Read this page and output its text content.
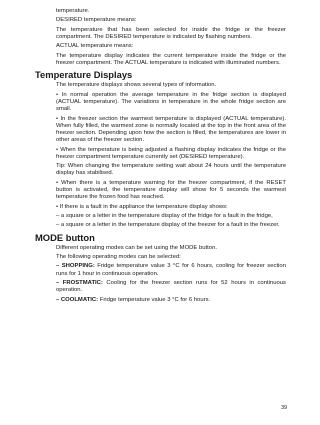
temperature.

DESIRED temperature means:

The temperature that has been selected for inside the fridge or the freezer compartment. The DESIRED temperature is indicated by flashing numbers.

ACTUAL temperature means:

The temperature display indicates the current temperature inside the fridge or the freezer compartment. The ACTUAL temperature is indicated with illuminated numbers.

Temperature Displays

The temperature displays shows several types of information.

• In normal operation the average temperature in the fridge section is displayed (ACTUAL temperature). The variations in temperature in the whole fridge section are small.

• In the freezer section the warmest temperature is displayed (ACTUAL temperature). When fully filled, the warmest zone is normally located at the top in the front area of the freezer section. Depending upon how the section is filled, the temperatures are lower in other areas of the freezer section.

• When the temperature is being adjusted a flashing display indicates the fridge or the freezer compartment temperature currently set (DESIRED temperature).

Tip: When changing the temperature setting wait about 24 hours until the temperature display has stabilised.

• When there is a temperature warning for the freezer compartment, if the RESET button is activated, the temperature display will show for 5 seconds the warmest temperature the frozen food has reached.

• If there is a fault in the appliance the temperature display shows:

– a square or a letter in the temperature display of the fridge for a fault in the fridge,

– a square or a letter in the temperature display of the freezer for a fault in the freezer.

MODE button

Different operating modes can be set using the MODE button.

The following operating modes can be selected:

– SHOPPING: Fridge temperature value 3 °C for 6 hours, cooling for freezer section runs for 1 hour in continuous operation.

– FROSTMATIC: Cooling for the freezer section runs for 52 hours in continuous operation.

– COOLMATIC: Fridge temperature value 3 °C for 6 hours.

39
